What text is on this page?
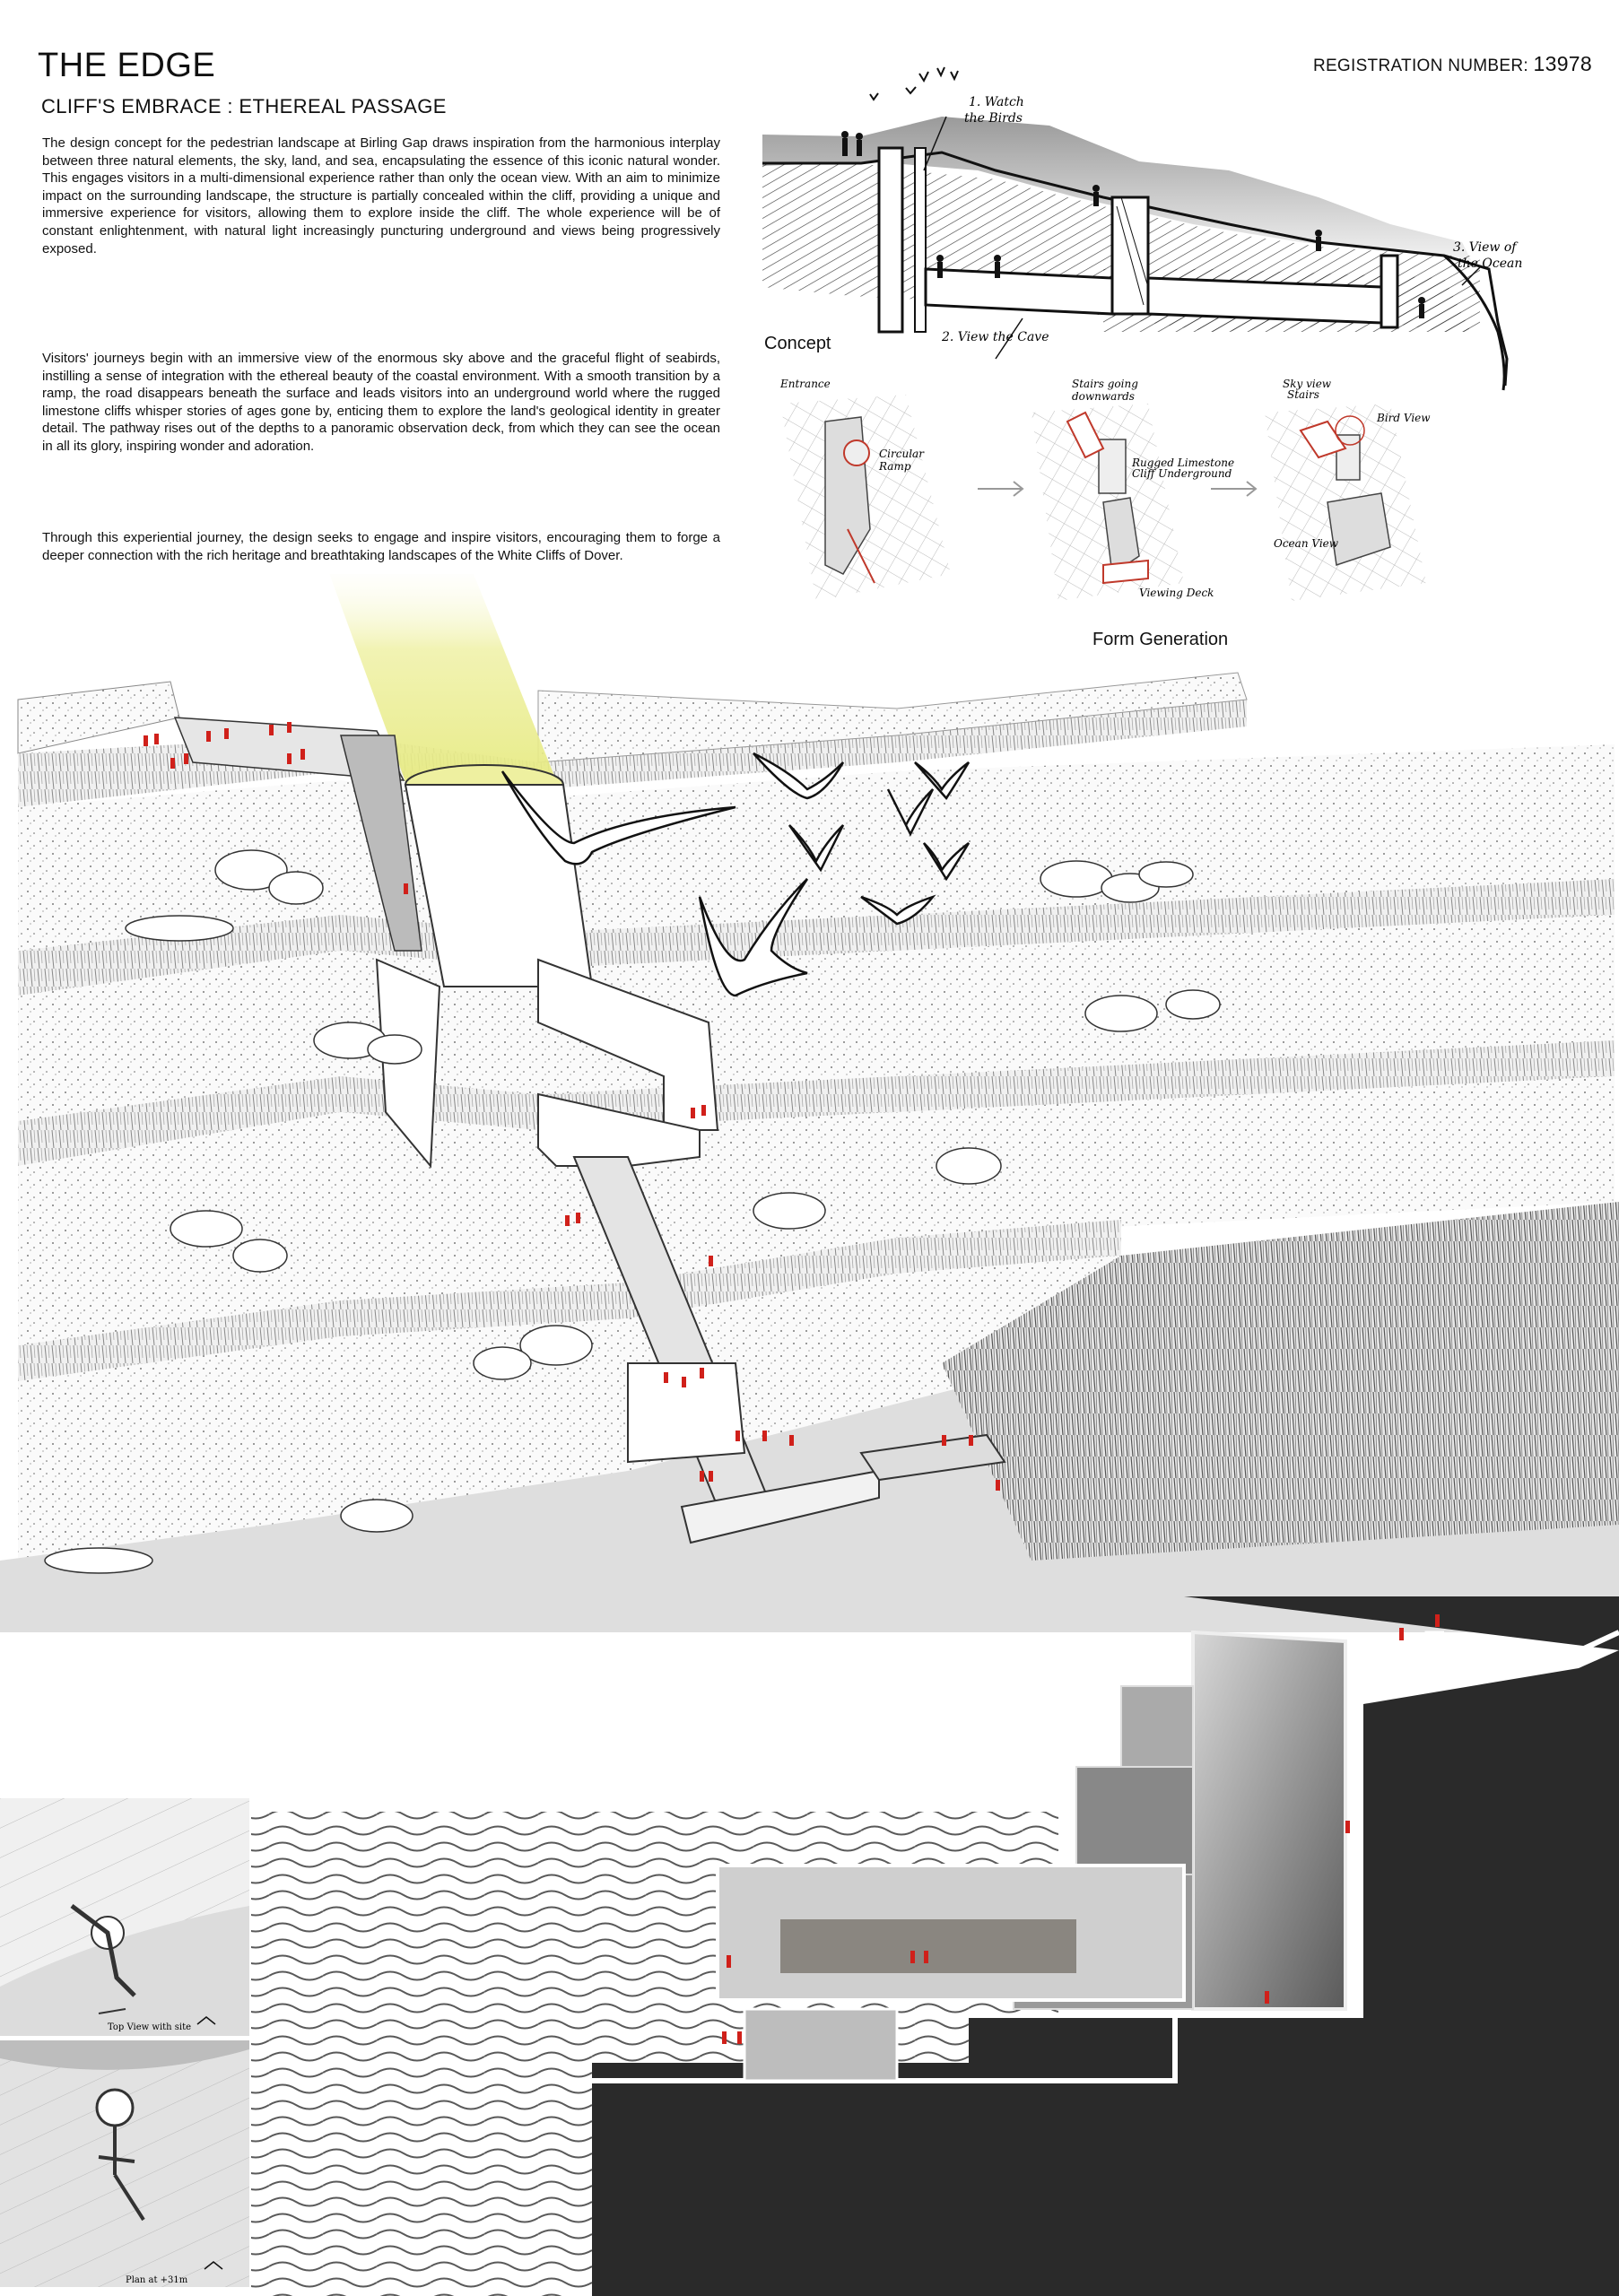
THE EDGE
CLIFF'S EMBRACE : ETHEREAL PASSAGE
REGISTRATION NUMBER: 13978
The design concept for the pedestrian landscape at Birling Gap draws inspiration from the harmonious interplay between three natural elements, the sky, land, and sea, encapsulating the essence of this iconic natural wonder. This engages visitors in a multi-dimensional experience rather than only the ocean view. With an aim to minimize impact on the surrounding landscape, the structure is partially concealed within the cliff, providing a unique and immersive experience for visitors, allowing them to explore inside the cliff. The whole experience will be of constant enlightenment, with natural light increasingly puncturing underground and views being progressively exposed.
Visitors' journeys begin with an immersive view of the enormous sky above and the graceful flight of seabirds, instilling a sense of integration with the ethereal beauty of the coastal environment. With a smooth transition by a ramp, the road disappears beneath the surface and leads visitors into an underground world where the rugged limestone cliffs whisper stories of ages gone by, enticing them to explore the land's geological identity in greater detail. The pathway rises out of the depths to a panoramic observation deck, from which they can see the ocean in all its glory, inspiring wonder and adoration.
Through this experiential journey, the design seeks to engage and inspire visitors, encouraging them to forge a deeper connection with the rich heritage and breathtaking landscapes of the White Cliffs of Dover.
1. Watch
the Birds
2. View the Cave
3. View of
the Ocean
Concept
Entrance
Circular
Ramp
Stairs going
downwards
Rugged Limestone
Cliff Underground
Viewing Deck
Sky view
Stairs
Bird View
Ocean View
Form Generation
Top View with site
Plan at +31m
